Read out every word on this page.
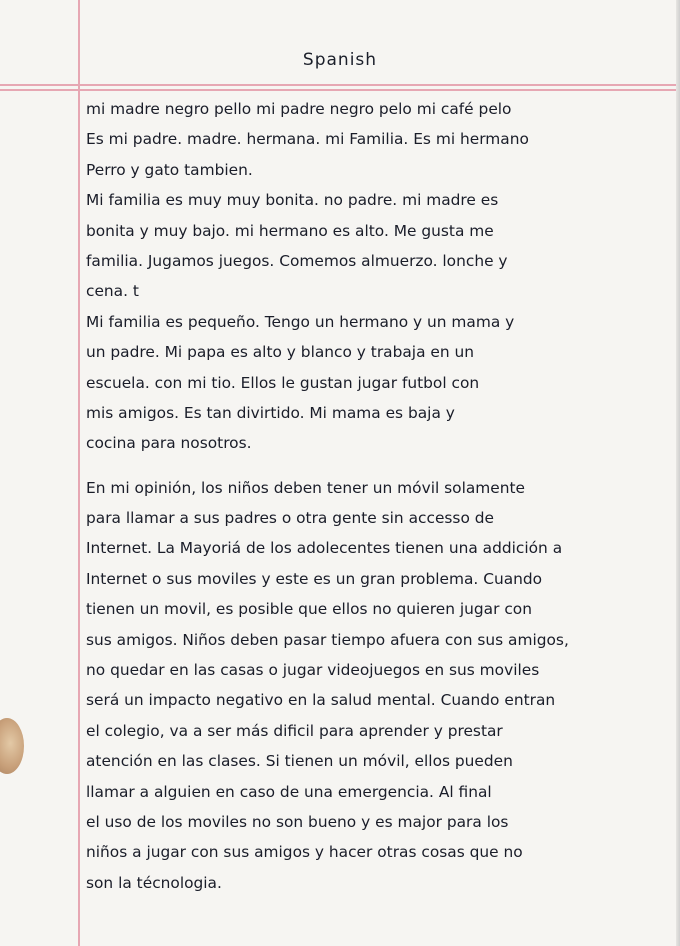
Spanish
mi madre negro pello mi padre negro pelo mi café pelo
Es mi padre. madre. hermana. mi Familia. Es mi hermano
Perro y gato tambien.
Mi familia es muy muy bonita. no padre. mi madre es
bonita y muy bajo. mi hermano es alto. Me gusta me
familia. Jugamos juegos. Comemos almuerzo. lonche y
cena. t
Mi familia es pequeño. Tengo un hermano y un mama y
un padre. Mi papa es alto y blanco y trabaja en un
escuela. con mi tio. Ellos le gustan jugar futbol con
mis amigos. Es tan divirtido. Mi mama es baja y
cocina para nosotros.
En mi opinión, los niños deben tener un móvil solamente
para llamar a sus padres o otra gente sin accesso de
Internet. La Mayoriá de los adolecentes tienen una addición a
Internet o sus moviles y este es un gran problema. Cuando
tienen un movil, es posible que ellos no quieren jugar con
sus amigos. Niños deben pasar tiempo afuera con sus amigos,
no quedar en las casas o jugar videojuegos en sus moviles
será un impacto negativo en la salud mental. Cuando entran
el colegio, va a ser más dificil para aprender y prestar
atención en las clases. Si tienen un móvil, ellos pueden
llamar a alguien en caso de una emergencia. Al final
el uso de los moviles no son bueno y es major para los
niños a jugar con sus amigos y hacer otras cosas que no
son la técnologia.
